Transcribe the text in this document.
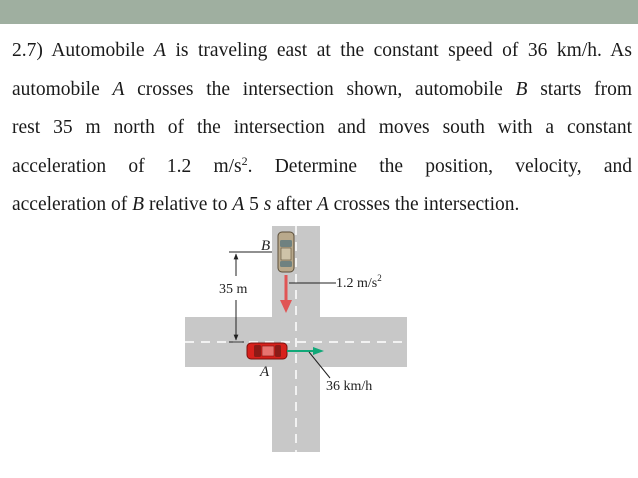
2.7) Automobile A is traveling east at the constant speed of 36 km/h. As
automobile A crosses the intersection shown, automobile B starts from
rest 35 m north of the intersection and moves south with a constant
acceleration of 1.2 $m/s^2$. Determine the position, velocity, and
acceleration of B relative to A 5 s after A crosses the intersection.
B
A
35 m	1.2 $m/s^2$
36 km/h
